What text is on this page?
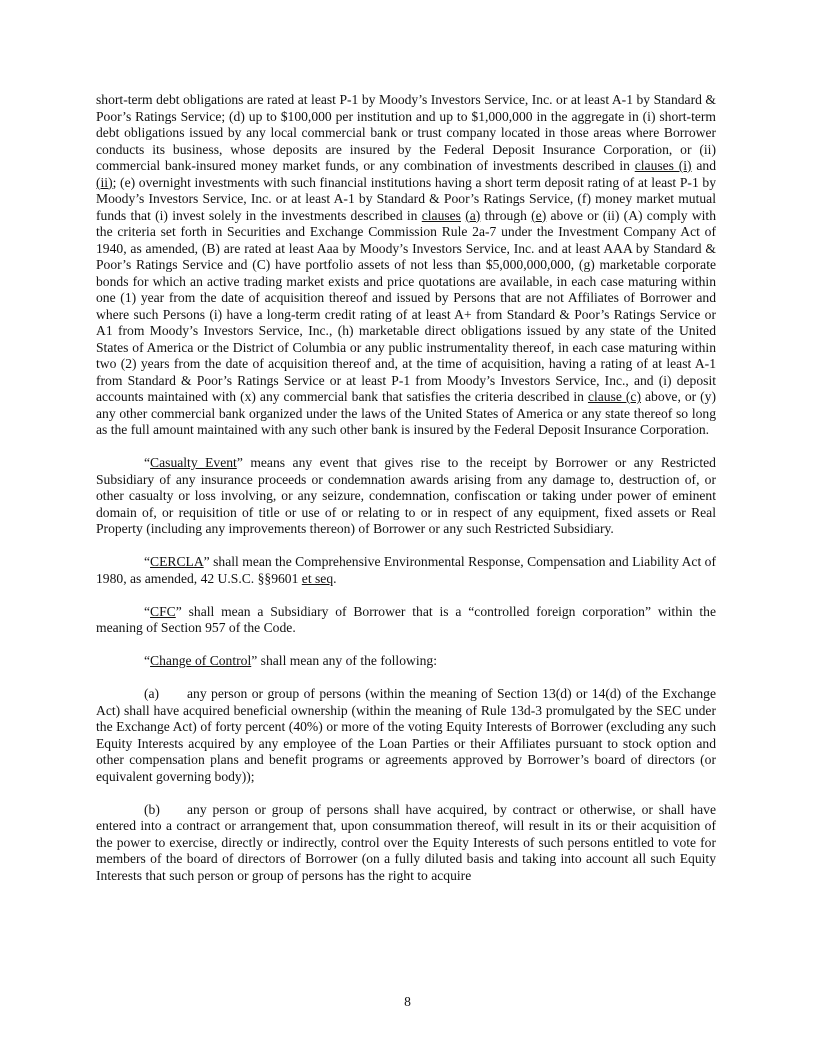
short-term debt obligations are rated at least P-1 by Moody’s Investors Service, Inc. or at least A-1 by Standard & Poor’s Ratings Service; (d) up to $100,000 per institution and up to $1,000,000 in the aggregate in (i) short-term debt obligations issued by any local commercial bank or trust company located in those areas where Borrower conducts its business, whose deposits are insured by the Federal Deposit Insurance Corporation, or (ii) commercial bank-insured money market funds, or any combination of investments described in clauses (i) and (ii); (e) overnight investments with such financial institutions having a short term deposit rating of at least P-1 by Moody’s Investors Service, Inc. or at least A-1 by Standard & Poor’s Ratings Service, (f) money market mutual funds that (i) invest solely in the investments described in clauses (a) through (e) above or (ii) (A) comply with the criteria set forth in Securities and Exchange Commission Rule 2a-7 under the Investment Company Act of 1940, as amended, (B) are rated at least Aaa by Moody’s Investors Service, Inc. and at least AAA by Standard & Poor’s Ratings Service and (C) have portfolio assets of not less than $5,000,000,000, (g) marketable corporate bonds for which an active trading market exists and price quotations are available, in each case maturing within one (1) year from the date of acquisition thereof and issued by Persons that are not Affiliates of Borrower and where such Persons (i) have a long-term credit rating of at least A+ from Standard & Poor’s Ratings Service or A1 from Moody’s Investors Service, Inc., (h) marketable direct obligations issued by any state of the United States of America or the District of Columbia or any public instrumentality thereof, in each case maturing within two (2) years from the date of acquisition thereof and, at the time of acquisition, having a rating of at least A-1 from Standard & Poor’s Ratings Service or at least P-1 from Moody’s Investors Service, Inc., and (i) deposit accounts maintained with (x) any commercial bank that satisfies the criteria described in clause (c) above, or (y) any other commercial bank organized under the laws of the United States of America or any state thereof so long as the full amount maintained with any such other bank is insured by the Federal Deposit Insurance Corporation.

“Casualty Event” means any event that gives rise to the receipt by Borrower or any Restricted Subsidiary of any insurance proceeds or condemnation awards arising from any damage to, destruction of, or other casualty or loss involving, or any seizure, condemnation, confiscation or taking under power of eminent domain of, or requisition of title or use of or relating to or in respect of any equipment, fixed assets or Real Property (including any improvements thereon) of Borrower or any such Restricted Subsidiary.

“CERCLA” shall mean the Comprehensive Environmental Response, Compensation and Liability Act of 1980, as amended, 42 U.S.C. §§9601 et seq.

“CFC” shall mean a Subsidiary of Borrower that is a “controlled foreign corporation” within the meaning of Section 957 of the Code.

“Change of Control” shall mean any of the following:

(a) any person or group of persons (within the meaning of Section 13(d) or 14(d) of the Exchange Act) shall have acquired beneficial ownership (within the meaning of Rule 13d-3 promulgated by the SEC under the Exchange Act) of forty percent (40%) or more of the voting Equity Interests of Borrower (excluding any such Equity Interests acquired by any employee of the Loan Parties or their Affiliates pursuant to stock option and other compensation plans and benefit programs or agreements approved by Borrower’s board of directors (or equivalent governing body));

(b) any person or group of persons shall have acquired, by contract or otherwise, or shall have entered into a contract or arrangement that, upon consummation thereof, will result in its or their acquisition of the power to exercise, directly or indirectly, control over the Equity Interests of such persons entitled to vote for members of the board of directors of Borrower (on a fully diluted basis and taking into account all such Equity Interests that such person or group of persons has the right to acquire

8
